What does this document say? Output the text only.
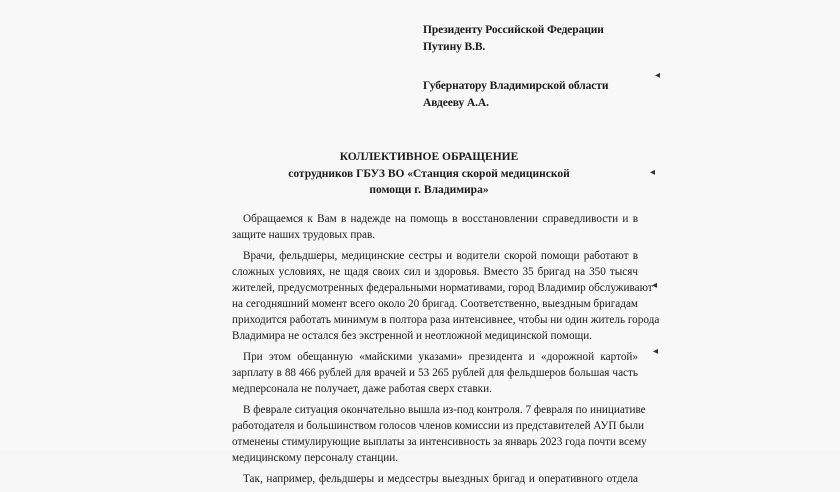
Президенту Российской Федерации
Путину В.В.
Губернатору Владимирской области
Авдееву А.А.
КОЛЛЕКТИВНОЕ ОБРАЩЕНИЕ
сотрудников ГБУЗ ВО «Станция скорой медицинской
помощи г. Владимира»

Обращаемся к Вам в надежде на помощь в восстановлении справедливости и в
защите наших трудовых прав.

Врачи, фельдшеры, медицинские сестры и водители скорой помощи работают в
сложных условиях, не щадя своих сил и здоровья. Вместо 35 бригад на 350 тысяч
жителей, предусмотренных федеральными нормативами, город Владимир обслуживают
на сегодняшний момент всего около 20 бригад. Соответственно, выездным бригадам
приходится работать минимум в полтора раза интенсивнее, чтобы ни один житель города
Владимира не остался без экстренной и неотложной медицинской помощи.

При этом обещанную «майскими указами» президента и «дорожной картой»
зарплату в 88 466 рублей для врачей и 53 265 рублей для фельдшеров большая часть
медперсонала не получает, даже работая сверх ставки.

В феврале ситуация окончательно вышла из-под контроля. 7 февраля по инициативе
работодателя и большинством голосов членов комиссии из представителей АУП были
отменены стимулирующие выплаты за интенсивность за январь 2023 года почти всему
медицинскому персоналу станции.

Так, например, фельдшеры и медсестры выездных бригад и оперативного отдела

◂
◂
◂
◂
